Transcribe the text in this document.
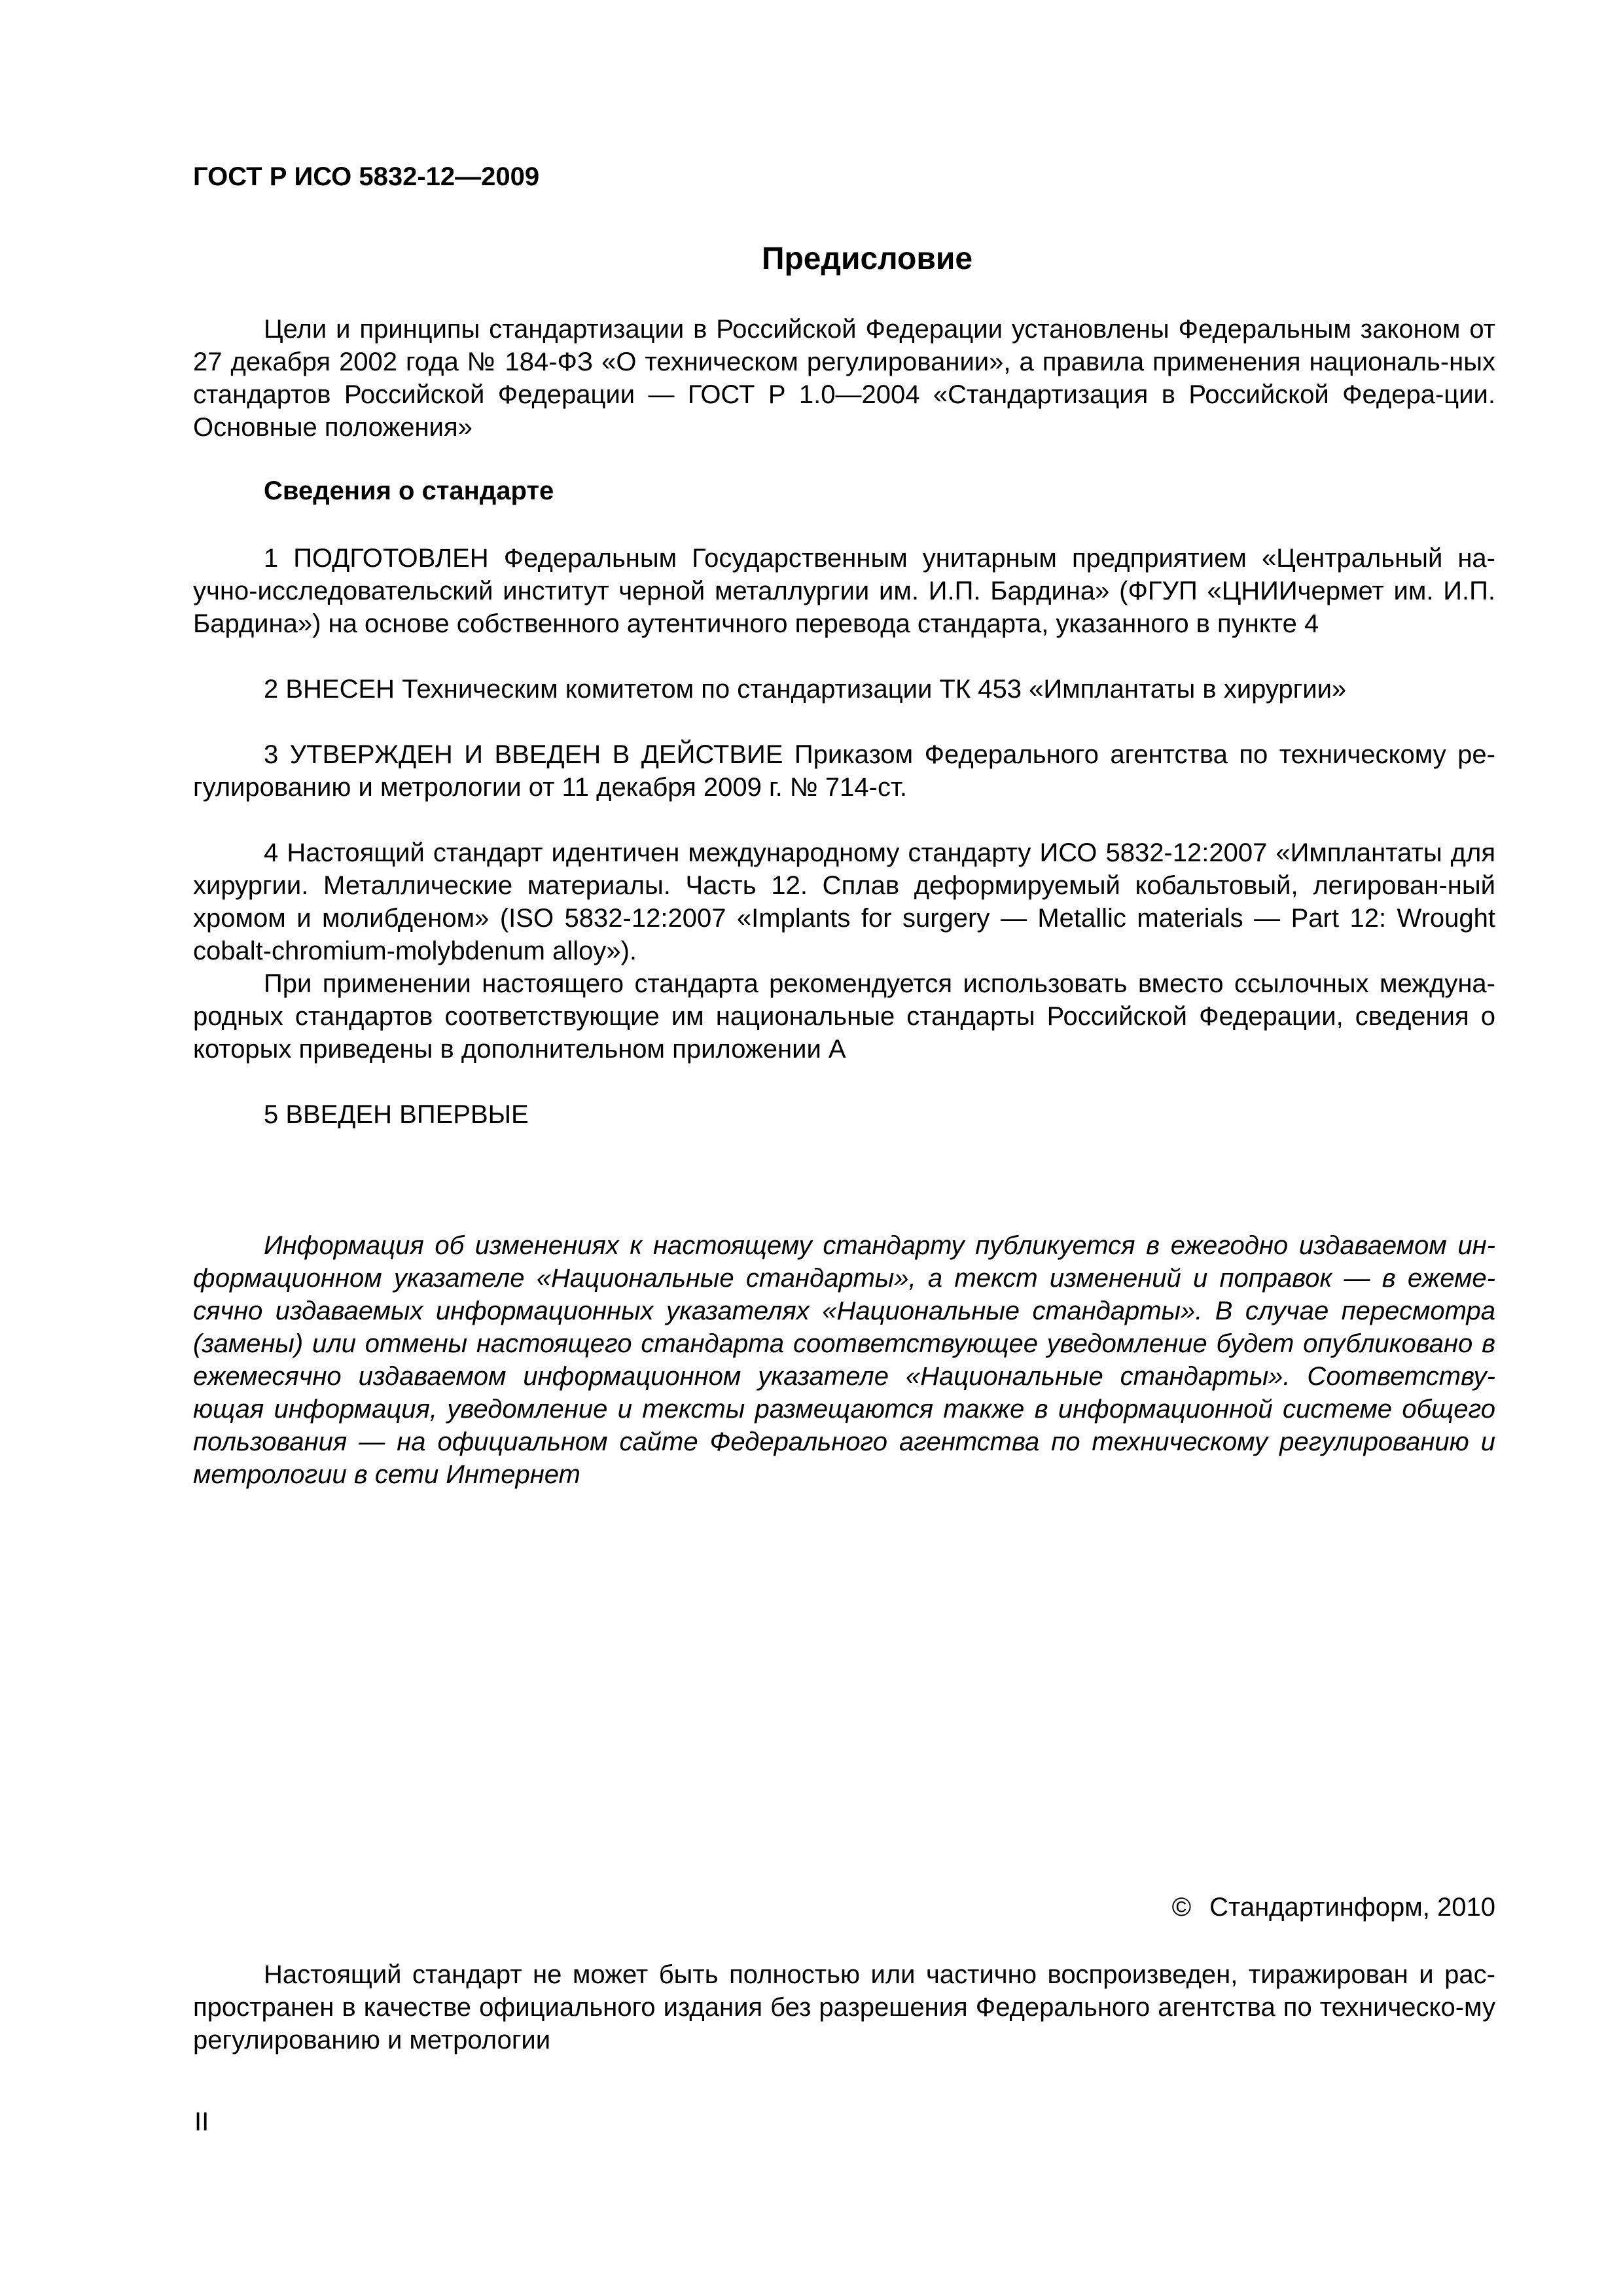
ГОСТ Р ИСО 5832-12—2009
Предисловие

Цели и принципы стандартизации в Российской Федерации установлены Федеральным законом от 27 декабря 2002 года № 184-ФЗ «О техническом регулировании», а правила применения националь-ных стандартов Российской Федерации — ГОСТ Р 1.0—2004 «Стандартизация в Российской Федера-ции. Основные положения»

Сведения о стандарте

1 ПОДГОТОВЛЕН Федеральным Государственным унитарным предприятием «Центральный на-учно-исследовательский институт черной металлургии им. И.П. Бардина» (ФГУП «ЦНИИчермет им. И.П. Бардина») на основе собственного аутентичного перевода стандарта, указанного в пункте 4

2 ВНЕСЕН Техническим комитетом по стандартизации ТК 453 «Имплантаты в хирургии»

3 УТВЕРЖДЕН И ВВЕДЕН В ДЕЙСТВИЕ Приказом Федерального агентства по техническому ре-гулированию и метрологии от 11 декабря 2009 г. № 714-ст.

4 Настоящий стандарт идентичен международному стандарту ИСО 5832-12:2007 «Имплантаты для хирургии. Металлические материалы. Часть 12. Сплав деформируемый кобальтовый, легирован-ный хромом и молибденом» (ISO 5832-12:2007 «Implants for surgery — Metallic materials — Part 12: Wrought cobalt-chromium-molybdenum alloy»).

При применении настоящего стандарта рекомендуется использовать вместо ссылочных междуна-родных стандартов соответствующие им национальные стандарты Российской Федерации, сведения о которых приведены в дополнительном приложении А

5 ВВЕДЕН ВПЕРВЫЕ

Информация об изменениях к настоящему стандарту публикуется в ежегодно издаваемом ин-формационном указателе «Национальные стандарты», а текст изменений и поправок — в ежеме-сячно издаваемых информационных указателях «Национальные стандарты». В случае пересмотра (замены) или отмены настоящего стандарта соответствующее уведомление будет опубликовано в ежемесячно издаваемом информационном указателе «Национальные стандарты». Соответству-ющая информация, уведомление и тексты размещаются также в информационной системе общего пользования — на официальном сайте Федерального агентства по техническому регулированию и метрологии в сети Интернет

© Стандартинформ, 2010

Настоящий стандарт не может быть полностью или частично воспроизведен, тиражирован и рас-пространен в качестве официального издания без разрешения Федерального агентства по техническо-му регулированию и метрологии

II
